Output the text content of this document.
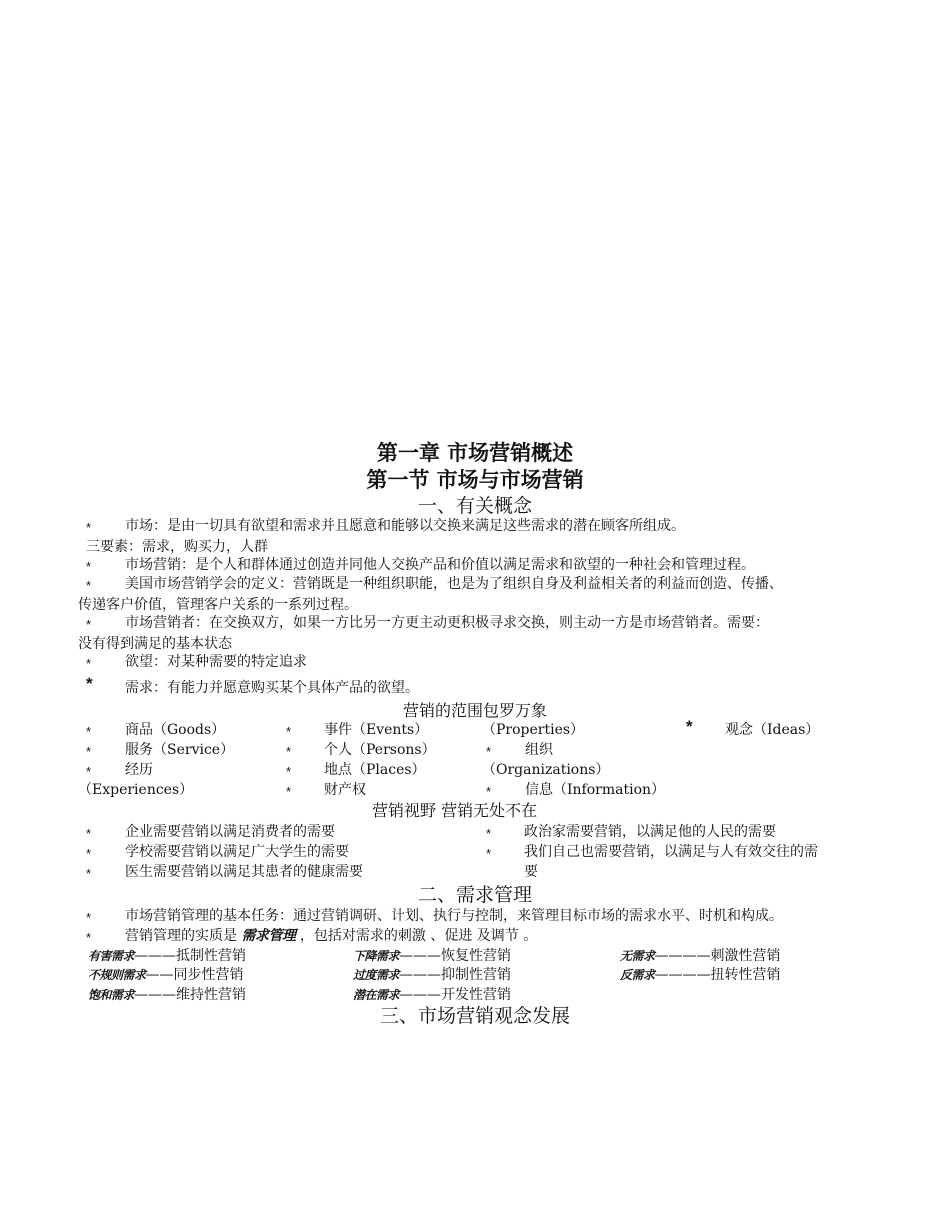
第一章 市场营销概述
第一节 市场与市场营销
一、有关概念
* 市场：是由一切具有欲望和需求并且愿意和能够以交换来满足这些需求的潜在顾客所组成。
三要素：需求，购买力，人群
* 市场营销：是个人和群体通过创造并同他人交换产品和价值以满足需求和欲望的一种社会和管理过程。
* 美国市场营销学会的定义：营销既是一种组织职能，也是为了组织自身及利益相关者的利益而创造、传播、
传递客户价值，管理客户关系的一系列过程。
* 市场营销者：在交换双方，如果一方比另一方更主动更积极寻求交换，则主动一方是市场营销者。需要：
没有得到满足的基本状态
* 欲望：对某种需要的特定追求
* 需求：有能力并愿意购买某个具体产品的欲望。
营销的范围包罗万象
* 商品（Goods）	* 事件（Events）	（Properties）	* 观念（Ideas）
* 服务（Service）	* 个人（Persons）	* 组织
* 经历	* 地点（Places）	（Organizations）
（Experiences）	* 财产权	* 信息（Information）
营销视野 营销无处不在
* 企业需要营销以满足消费者的需要	* 政治家需要营销，以满足他的人民的需要
* 学校需要营销以满足广大学生的需要	* 我们自己也需要营销，以满足与人有效交往的需
* 医生需要营销以满足其患者的健康需要	要
二、需求管理
* 市场营销管理的基本任务：通过营销调研、计划、执行与控制，来管理目标市场的需求水平、时机和构成。
* 营销管理的实质是 需求管理 ，包括对需求的刺激 、促进 及调节 。
有害需求———抵制性营销	下降需求———恢复性营销	无需求————刺激性营销
不规则需求——同步性营销	过度需求———抑制性营销	反需求————扭转性营销
饱和需求———维持性营销	潜在需求———开发性营销
三、市场营销观念发展
